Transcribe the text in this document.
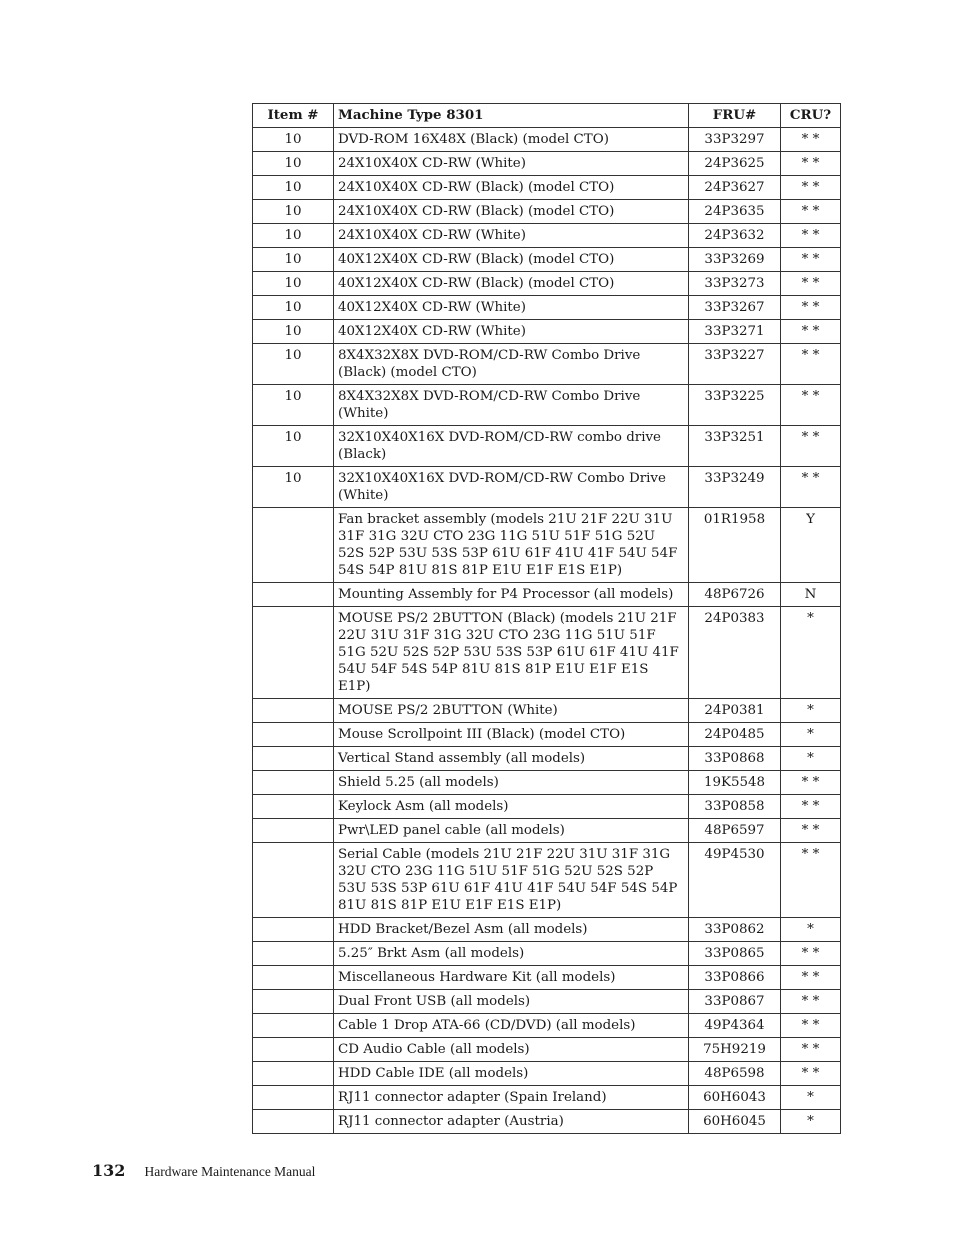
Item #	Machine Type 8301	FRU#	CRU?
10	DVD-ROM 16X48X (Black) (model CTO)	33P3297	* *
10	24X10X40X CD-RW (White)	24P3625	* *
10	24X10X40X CD-RW (Black) (model CTO)	24P3627	* *
10	24X10X40X CD-RW (Black) (model CTO)	24P3635	* *
10	24X10X40X CD-RW (White)	24P3632	* *
10	40X12X40X CD-RW (Black) (model CTO)	33P3269	* *
10	40X12X40X CD-RW (Black) (model CTO)	33P3273	* *
10	40X12X40X CD-RW (White)	33P3267	* *
10	40X12X40X CD-RW (White)	33P3271	* *
10	8X4X32X8X DVD-ROM/CD-RW Combo Drive (Black) (model CTO)	33P3227	* *
10	8X4X32X8X DVD-ROM/CD-RW Combo Drive (White)	33P3225	* *
10	32X10X40X16X DVD-ROM/CD-RW combo drive (Black)	33P3251	* *
10	32X10X40X16X DVD-ROM/CD-RW Combo Drive (White)	33P3249	* *
	Fan bracket assembly (models 21U 21F 22U 31U 31F 31G 32U CTO 23G 11G 51U 51F 51G 52U 52S 52P 53U 53S 53P 61U 61F 41U 41F 54U 54F 54S 54P 81U 81S 81P E1U E1F E1S E1P)	01R1958	Y
	Mounting Assembly for P4 Processor (all models)	48P6726	N
	MOUSE PS/2 2BUTTON (Black) (models 21U 21F 22U 31U 31F 31G 32U CTO 23G 11G 51U 51F 51G 52U 52S 52P 53U 53S 53P 61U 61F 41U 41F 54U 54F 54S 54P 81U 81S 81P E1U E1F E1S E1P)	24P0383	*
	MOUSE PS/2 2BUTTON (White)	24P0381	*
	Mouse Scrollpoint III (Black) (model CTO)	24P0485	*
	Vertical Stand assembly (all models)	33P0868	*
	Shield 5.25 (all models)	19K5548	* *
	Keylock Asm (all models)	33P0858	* *
	Pwr\LED panel cable (all models)	48P6597	* *
	Serial Cable (models 21U 21F 22U 31U 31F 31G 32U CTO 23G 11G 51U 51F 51G 52U 52S 52P 53U 53S 53P 61U 61F 41U 41F 54U 54F 54S 54P 81U 81S 81P E1U E1F E1S E1P)	49P4530	* *
	HDD Bracket/Bezel Asm (all models)	33P0862	*
	5.25″ Brkt Asm (all models)	33P0865	* *
	Miscellaneous Hardware Kit (all models)	33P0866	* *
	Dual Front USB (all models)	33P0867	* *
	Cable 1 Drop ATA-66 (CD/DVD) (all models)	49P4364	* *
	CD Audio Cable (all models)	75H9219	* *
	HDD Cable IDE (all models)	48P6598	* *
	RJ11 connector adapter (Spain Ireland)	60H6043	*
	RJ11 connector adapter (Austria)	60H6045	*
132 Hardware Maintenance Manual
